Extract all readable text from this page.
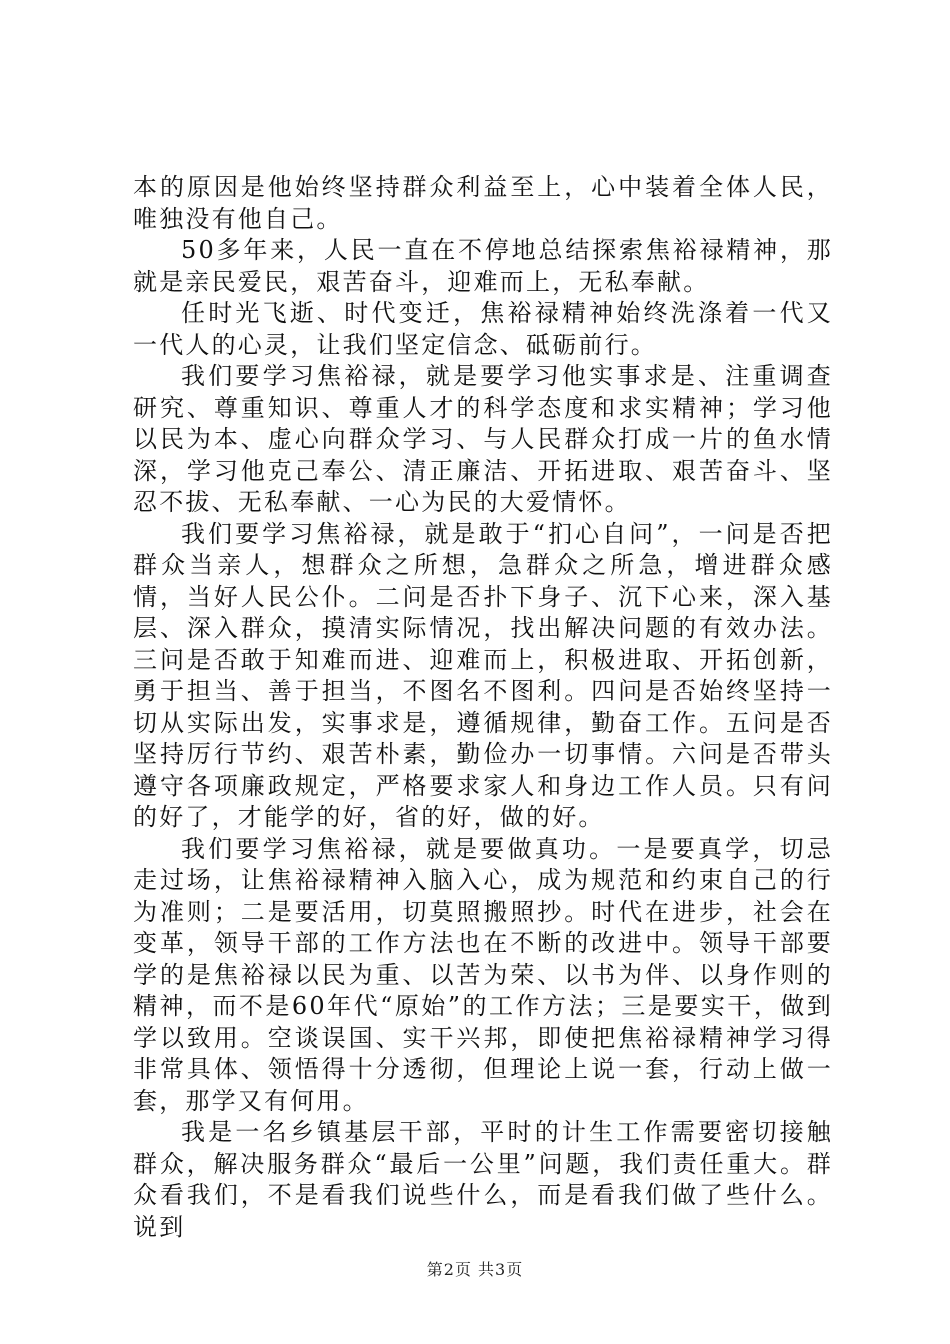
本的原因是他始终坚持群众利益至上，心中装着全体人民，唯独没有他自己。

50多年来，人民一直在不停地总结探索焦裕禄精神，那就是亲民爱民，艰苦奋斗，迎难而上，无私奉献。

任时光飞逝、时代变迁，焦裕禄精神始终洗涤着一代又一代人的心灵，让我们坚定信念、砥砺前行。

我们要学习焦裕禄，就是要学习他实事求是、注重调查研究、尊重知识、尊重人才的科学态度和求实精神；学习他以民为本、虚心向群众学习、与人民群众打成一片的鱼水情深，学习他克己奉公、清正廉洁、开拓进取、艰苦奋斗、坚忍不拔、无私奉献、一心为民的大爱情怀。

我们要学习焦裕禄，就是敢于“扪心自问”，一问是否把群众当亲人，想群众之所想，急群众之所急，增进群众感情，当好人民公仆。二问是否扑下身子、沉下心来，深入基层、深入群众，摸清实际情况，找出解决问题的有效办法。三问是否敢于知难而进、迎难而上，积极进取、开拓创新，勇于担当、善于担当，不图名不图利。四问是否始终坚持一切从实际出发，实事求是，遵循规律，勤奋工作。五问是否坚持厉行节约、艰苦朴素，勤俭办一切事情。六问是否带头遵守各项廉政规定，严格要求家人和身边工作人员。只有问的好了，才能学的好，省的好，做的好。

我们要学习焦裕禄，就是要做真功。一是要真学，切忌走过场，让焦裕禄精神入脑入心，成为规范和约束自己的行为准则；二是要活用，切莫照搬照抄。时代在进步，社会在变革，领导干部的工作方法也在不断的改进中。领导干部要学的是焦裕禄以民为重、以苦为荣、以书为伴、以身作则的精神，而不是60年代“原始”的工作方法；三是要实干，做到学以致用。空谈误国、实干兴邦，即使把焦裕禄精神学习得非常具体、领悟得十分透彻，但理论上说一套，行动上做一套，那学又有何用。

我是一名乡镇基层干部，平时的计生工作需要密切接触群众，解决服务群众“最后一公里”问题，我们责任重大。群众看我们，不是看我们说些什么，而是看我们做了些什么。说到

第2页 共3页
